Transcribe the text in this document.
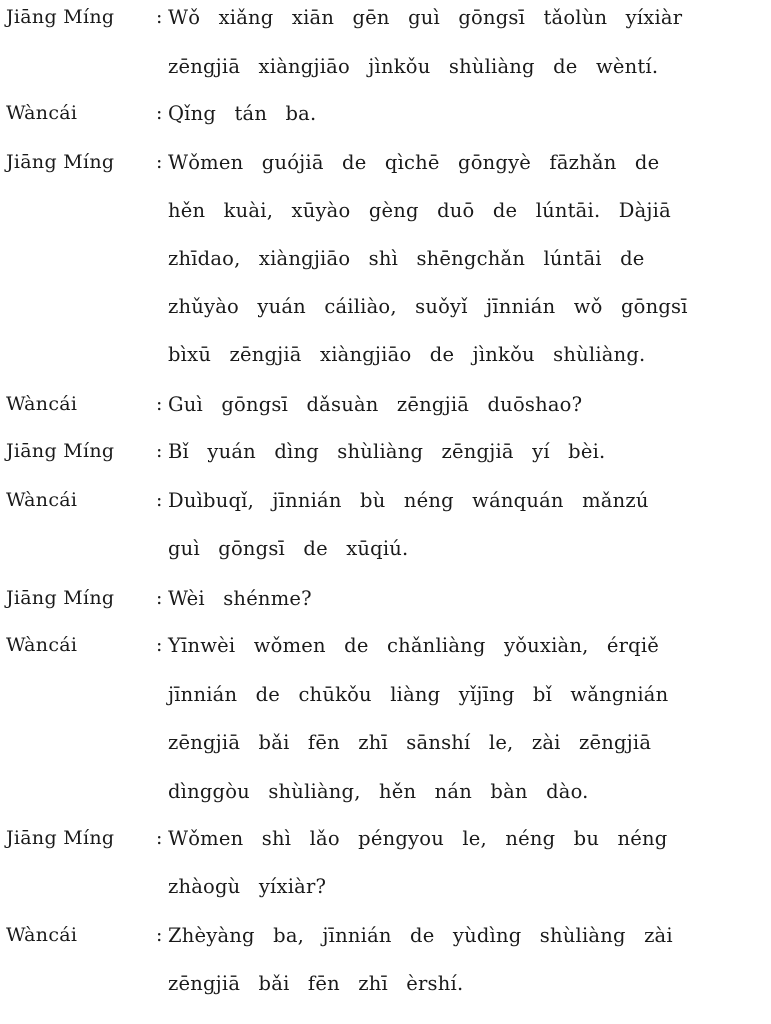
Jiāng Míng	: Wǒ xiǎng xiān gēn guì gōngsī tǎolùn yíxiàr
zēngjiā xiàngjiāo jìnkǒu shùliàng de wèntí.
Wàncái	: Qǐng tán ba.
Jiāng Míng	: Wǒmen guójiā de qìchē gōngyè fāzhǎn de
hěn kuài, xūyào gèng duō de lúntāi. Dàjiā
zhīdao, xiàngjiāo shì shēngchǎn lúntāi de
zhǔyào yuán cáiliào, suǒyǐ jīnnián wǒ gōngsī
bìxū zēngjiā xiàngjiāo de jìnkǒu shùliàng.
Wàncái	: Guì gōngsī dǎsuàn zēngjiā duōshao?
Jiāng Míng	: Bǐ yuán dìng shùliàng zēngjiā yí bèi.
Wàncái	: Duìbuqǐ, jīnnián bù néng wánquán mǎnzú
guì gōngsī de xūqiú.
Jiāng Míng	: Wèi shénme?
Wàncái	: Yīnwèi wǒmen de chǎnliàng yǒuxiàn, érqiě
jīnnián de chūkǒu liàng yǐjīng bǐ wǎngnián
zēngjiā bǎi fēn zhī sānshí le, zài zēngjiā
dìnggòu shùliàng, hěn nán bàn dào.
Jiāng Míng	: Wǒmen shì lǎo péngyou le, néng bu néng
zhàogù yíxiàr?
Wàncái	: Zhèyàng ba, jīnnián de yùdìng shùliàng zài
zēngjiā bǎi fēn zhī èrshí.
